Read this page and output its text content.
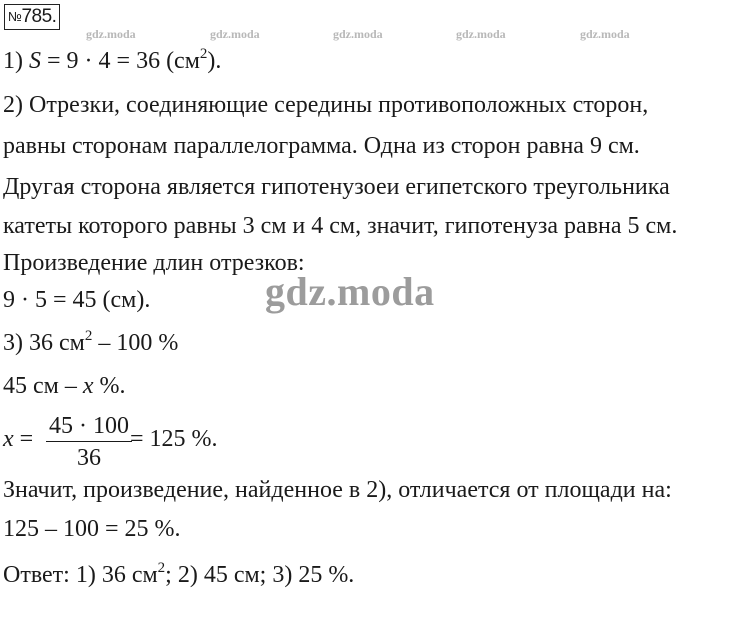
№785.
gdz.moda	gdz.moda	gdz.moda	gdz.moda	gdz.moda
1) S = 9 · 4 = 36 $(см^2)$.
2) Отрезки, соединяющие середины противоположных сторон,
равны сторонам параллелограмма. Одна из сторон равна 9 см.
Другая сторона является гипотенузоеи египетского треугольника
катеты которого равны 3 см и 4 см, значит, гипотенуза равна 5 см.
Произведение длин отрезков:
9 · 5 = 45 (см).	gdz.moda
3) 36 $см^2 - 100$ %
45 см – x %.
x = 45 · 100
36
= 125 %.
Значит, произведение, найденное в 2), отличается от площади на:
125 – 100 = 25 %.
Ответ: 1) 36 $см^2$; 2) 45 см; 3) 25 %.
